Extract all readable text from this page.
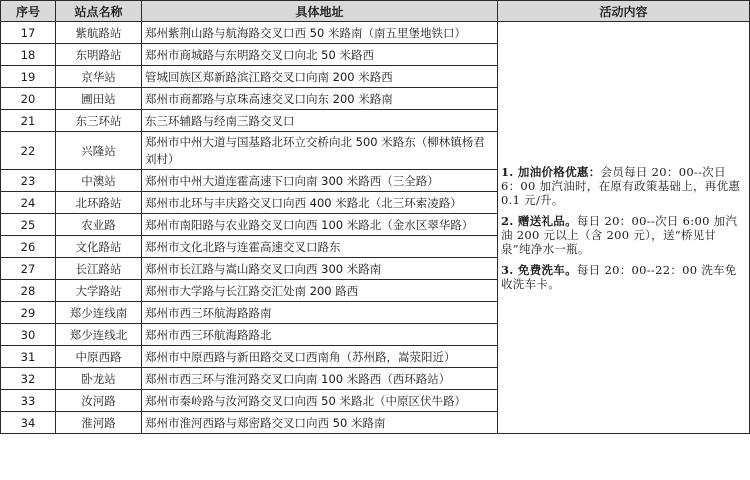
序号	站点名称	具体地址	活动内容
17	紫航路站	郑州紫荆山路与航海路交叉口西 50 米路南（南五里堡地铁口）	1. 加油价格优惠：会员每日 20：00--次日 6：00 加汽油时，在原有政策基础上，再优惠 0.1 元/升。

2. 赠送礼品。每日 20：00--次日 6:00 加汽油 200 元以上（含 200 元），送“桥见甘泉”纯净水一瓶。

3. 免费洗车。每日 20：00--22：00 洗车免收洗车卡。

18	东明路站	郑州市商城路与东明路交叉口向北 50 米路西	
19	京华站	管城回族区郑新路滨江路交叉口向南 200 米路西	
20	圃田站	郑州市商都路与京珠高速交叉口向东 200 米路南	
21	东三环站	东三环辅路与经南三路交叉口	
22	兴隆站	郑州市中州大道与国基路北环立交桥向北 500 米路东（柳林镇杨君刘村）	
23	中澳站	郑州市中州大道连霍高速下口向南 300 米路西（三全路）	
24	北环路站	郑州市北环与丰庆路交叉口向西 400 米路北（北三环索凌路）	
25	农业路	郑州市南阳路与农业路交叉口向西 100 米路北（金水区翠华路）	
26	文化路站	郑州市文化北路与连霍高速交叉口路东	
27	长江路站	郑州市长江路与嵩山路交叉口向西 300 米路南	
28	大学路站	郑州市大学路与长江路交汇处南 200 路西	
29	郑少连线南	郑州市西三环航海路路南	
30	郑少连线北	郑州市西三环航海路路北	
31	中原西路	郑州市中原西路与新田路交叉口西南角（苏州路，嵩荥阳近）	
32	卧龙站	郑州市西三环与淮河路交叉口向南 100 米路西（西环路站）	
33	汝河路	郑州市秦岭路与汝河路交叉口向西 50 米路北（中原区伏牛路）	
34	淮河路	郑州市淮河西路与郑密路交叉口向西 50 米路南	
